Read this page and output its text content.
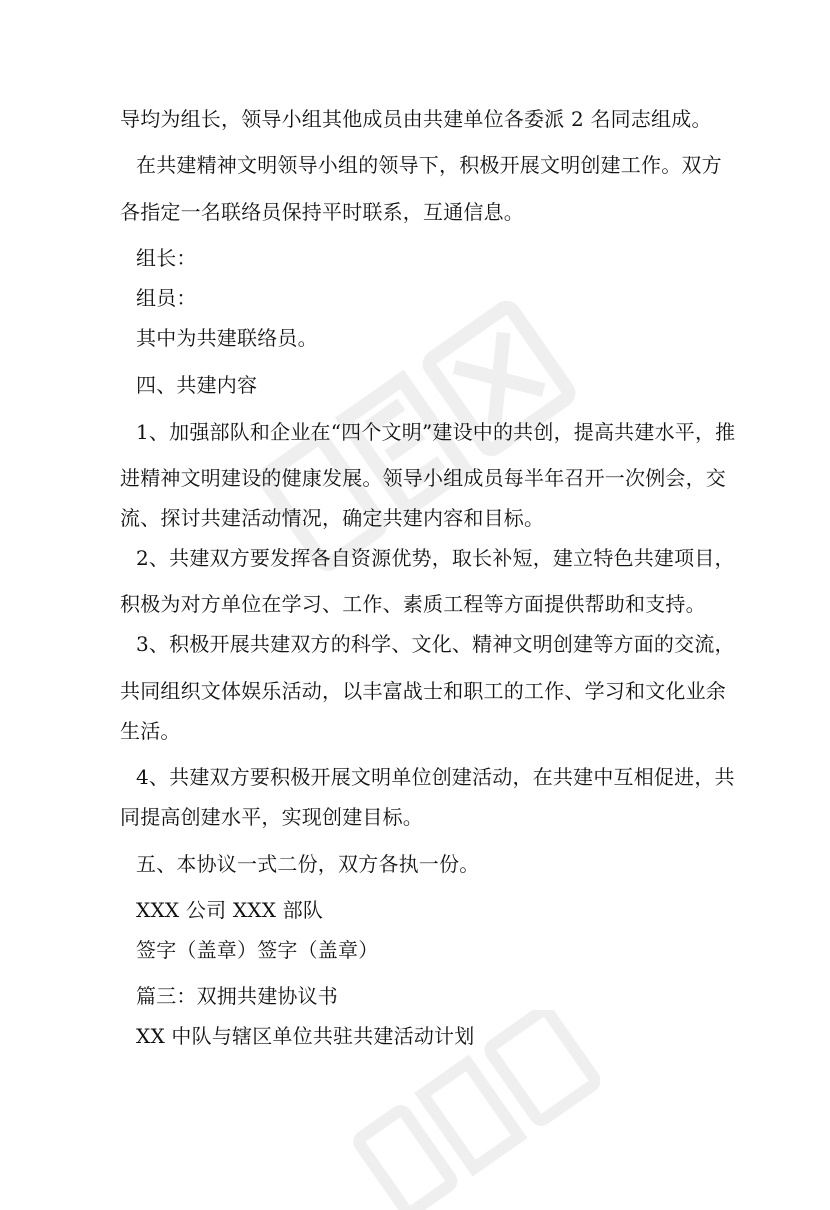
导均为组长，领导小组其他成员由共建单位各委派 2 名同志组成。
在共建精神文明领导小组的领导下，积极开展文明创建工作。双方
各指定一名联络员保持平时联系，互通信息。
组长：
组员：
其中为共建联络员。
四、共建内容
1、加强部队和企业在“四个文明”建设中的共创，提高共建水平，推
进精神文明建设的健康发展。领导小组成员每半年召开一次例会，交
流、探讨共建活动情况，确定共建内容和目标。
2、共建双方要发挥各自资源优势，取长补短，建立特色共建项目，
积极为对方单位在学习、工作、素质工程等方面提供帮助和支持。
3、积极开展共建双方的科学、文化、精神文明创建等方面的交流，
共同组织文体娱乐活动，以丰富战士和职工的工作、学习和文化业余
生活。
4、共建双方要积极开展文明单位创建活动，在共建中互相促进，共
同提高创建水平，实现创建目标。
五、本协议一式二份，双方各执一份。
XXX 公司 XXX 部队
签字（盖章）签字（盖章）
篇三：双拥共建协议书
XX 中队与辖区单位共驻共建活动计划
